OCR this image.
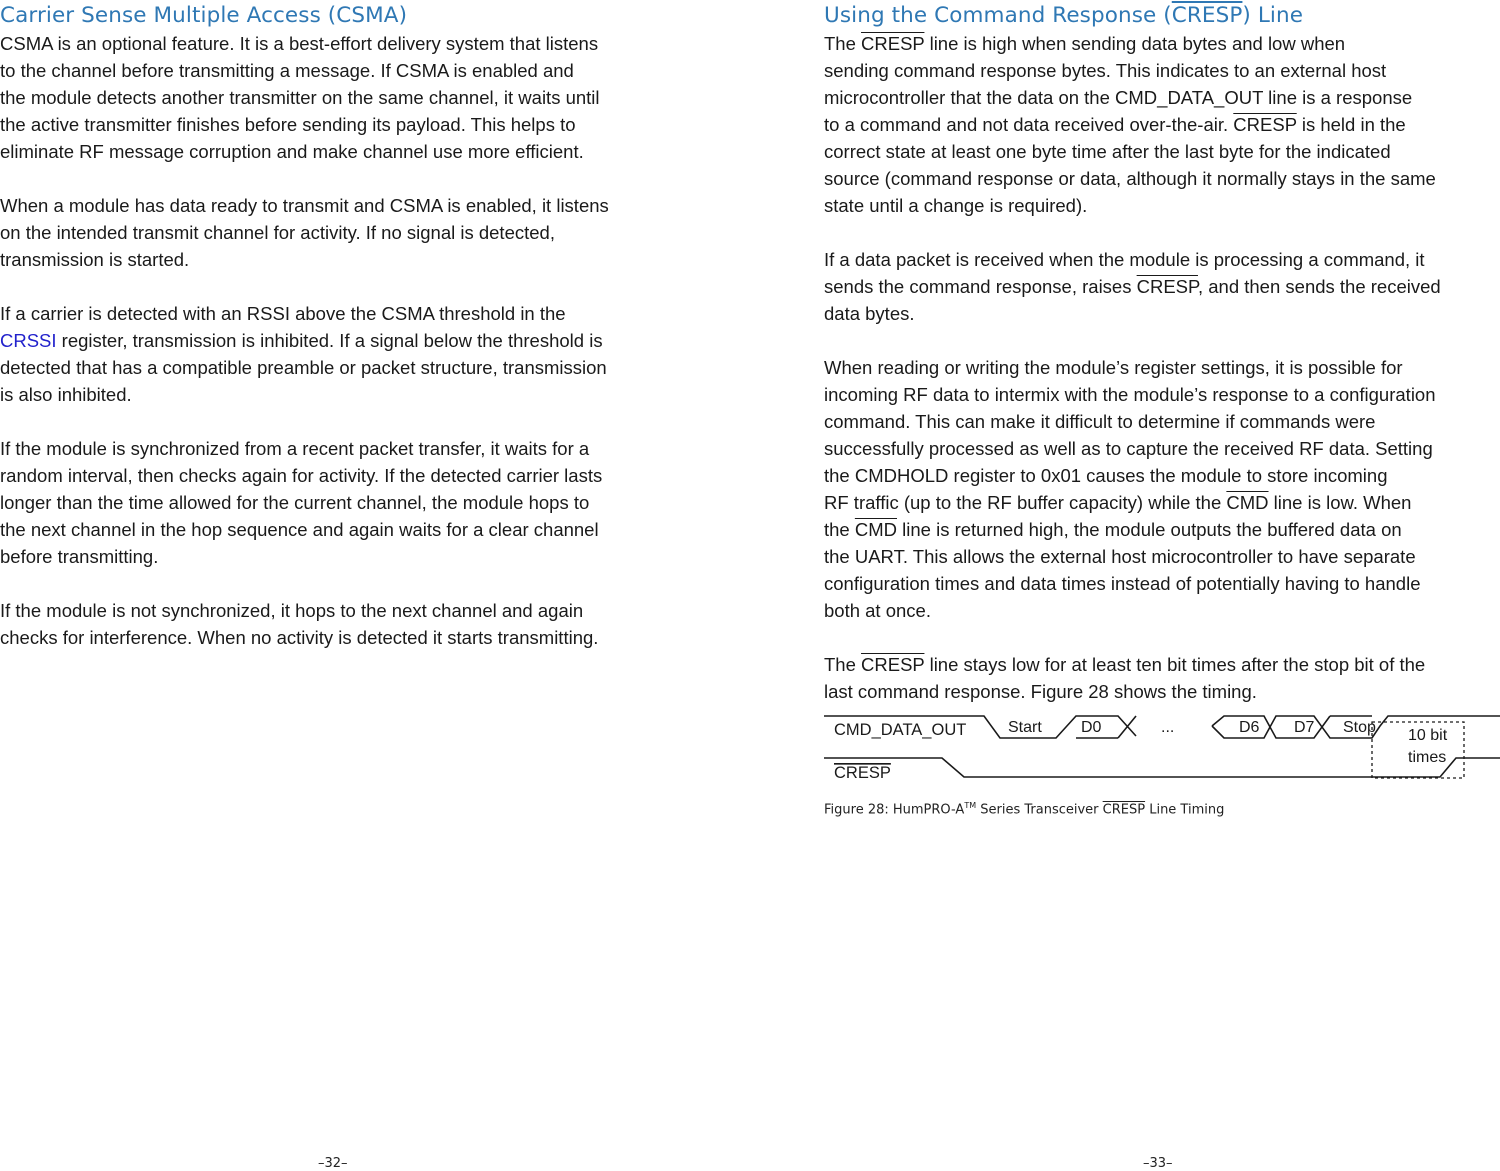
Carrier Sense Multiple Access (CSMA)

CSMA is an optional feature. It is a best-effort delivery system that listens
to the channel before transmitting a message. If CSMA is enabled and
the module detects another transmitter on the same channel, it waits until
the active transmitter finishes before sending its payload. This helps to
eliminate RF message corruption and make channel use more efficient.

When a module has data ready to transmit and CSMA is enabled, it listens
on the intended transmit channel for activity. If no signal is detected,
transmission is started.

If a carrier is detected with an RSSI above the CSMA threshold in the
CRSSI register, transmission is inhibited. If a signal below the threshold is
detected that has a compatible preamble or packet structure, transmission
is also inhibited.

If the module is synchronized from a recent packet transfer, it waits for a
random interval, then checks again for activity. If the detected carrier lasts
longer than the time allowed for the current channel, the module hops to
the next channel in the hop sequence and again waits for a clear channel
before transmitting.

If the module is not synchronized, it hops to the next channel and again
checks for interference. When no activity is detected it starts transmitting.

Using the Command Response (CRESP) Line

The CRESP line is high when sending data bytes and low when
sending command response bytes. This indicates to an external host
microcontroller that the data on the CMD_DATA_OUT line is a response
to a command and not data received over-the-air. CRESP is held in the
correct state at least one byte time after the last byte for the indicated
source (command response or data, although it normally stays in the same
state until a change is required).

If a data packet is received when the module is processing a command, it
sends the command response, raises CRESP, and then sends the received
data bytes.

When reading or writing the module’s register settings, it is possible for
incoming RF data to intermix with the module’s response to a configuration
command. This can make it difficult to determine if commands were
successfully processed as well as to capture the received RF data. Setting
the CMDHOLD register to 0x01 causes the module to store incoming
RF traffic (up to the RF buffer capacity) while the $\overline{CMD}$ line is low. When
the $\overline{CMD}$ line is returned high, the module outputs the buffered data on
the UART. This allows the external host microcontroller to have separate
configuration times and data times instead of potentially having to handle
both at once.

The CRESP line stays low for at least ten bit times after the stop bit of the
last command response. Figure 28 shows the timing.

CMD_DATA_OUT
CRESP
Start D0	...	D6 D7 Stop 10 bit
times
Figure 28: HumPRO-A™ Series Transceiver CRESP Line Timing
–32–	–33–
